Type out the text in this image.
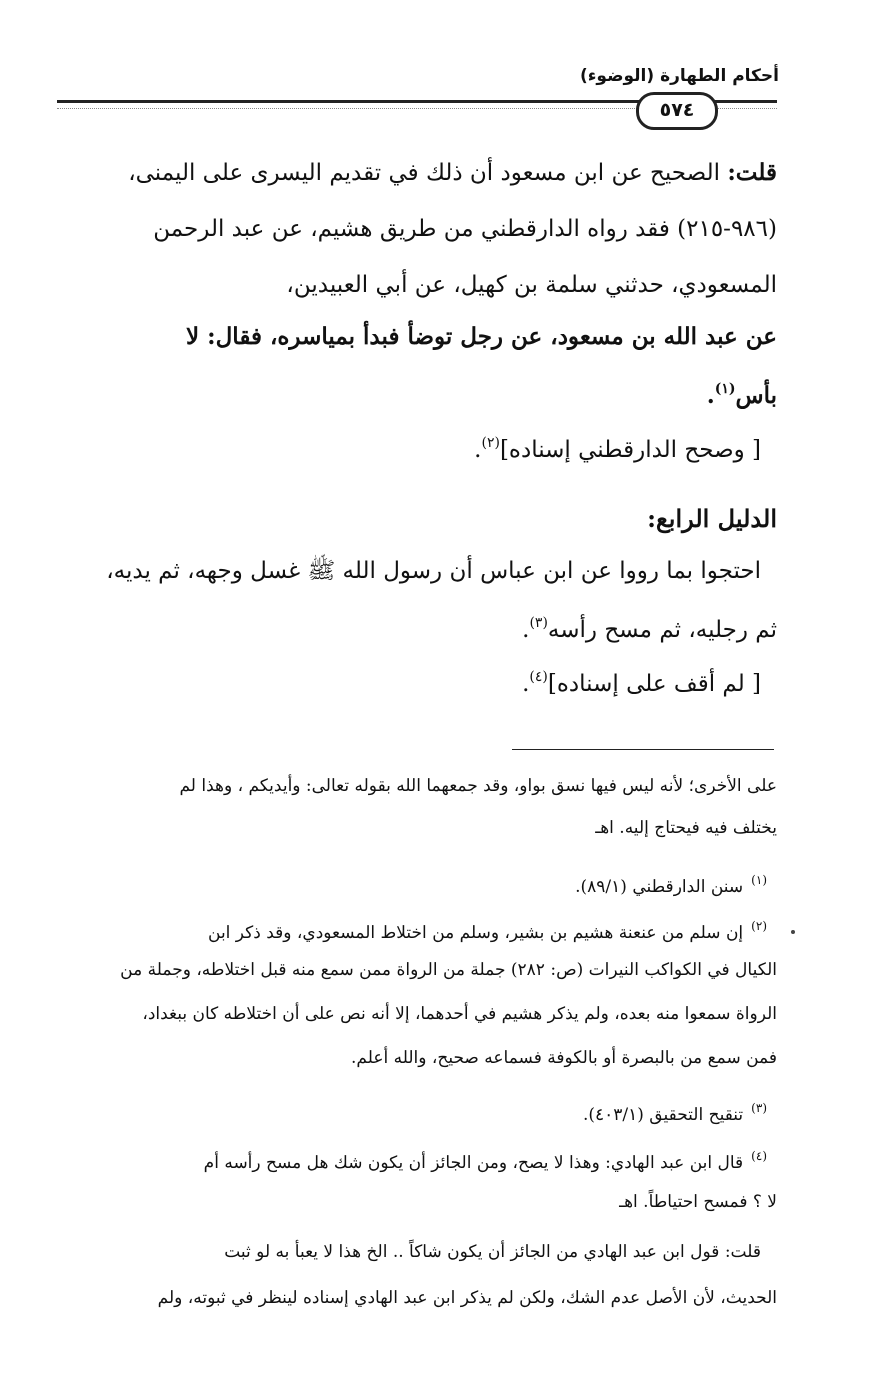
أحكام الطهارة (الوضوء)
٥٧٤
قلت: الصحيح عن ابن مسعود أن ذلك في تقديم اليسرى على اليمنى،
(٩٨٦-٢١٥) فقد رواه الدارقطني من طريق هشيم، عن عبد الرحمن
المسعودي، حدثني سلمة بن كهيل، عن أبي العبيدين،
عن عبد الله بن مسعود، عن رجل توضأ فبدأ بمياسره، فقال: لا
بأس$^{(١)}$.
[ وصحح الدارقطني إسناده]$^{(٢)}$.
الدليل الرابع:
احتجوا بما رووا عن ابن عباس أن رسول الله ﷺ غسل وجهه، ثم يديه،
ثم رجليه، ثم مسح رأسه$^{(٣)}$.
[ لم أقف على إسناده]$^{(٤)}$.
على الأخرى؛ لأنه ليس فيها نسق بواو، وقد جمعهما الله بقوله تعالى: وأيديكم ، وهذا لم
يختلف فيه فيحتاج إليه. اهـ
$^{(١)}$سنن الدارقطني (٨٩/١).
$^{(٢)}$إن سلم من عنعنة هشيم بن بشير، وسلم من اختلاط المسعودي، وقد ذكر ابن
الكيال في الكواكب النيرات (ص: ٢٨٢) جملة من الرواة ممن سمع منه قبل اختلاطه، وجملة من
الرواة سمعوا منه بعده، ولم يذكر هشيم في أحدهما، إلا أنه نص على أن اختلاطه كان ببغداد،
فمن سمع من بالبصرة أو بالكوفة فسماعه صحيح، والله أعلم.
$^{(٣)}$تنقيح التحقيق (٤٠٣/١).
$^{(٤)}$قال ابن عبد الهادي: وهذا لا يصح، ومن الجائز أن يكون شك هل مسح رأسه أم
لا ؟ فمسح احتياطاً. اهـ
قلت: قول ابن عبد الهادي من الجائز أن يكون شاكاً .. الخ هذا لا يعبأ به لو ثبت
الحديث، لأن الأصل عدم الشك، ولكن لم يذكر ابن عبد الهادي إسناده لينظر في ثبوته، ولم
